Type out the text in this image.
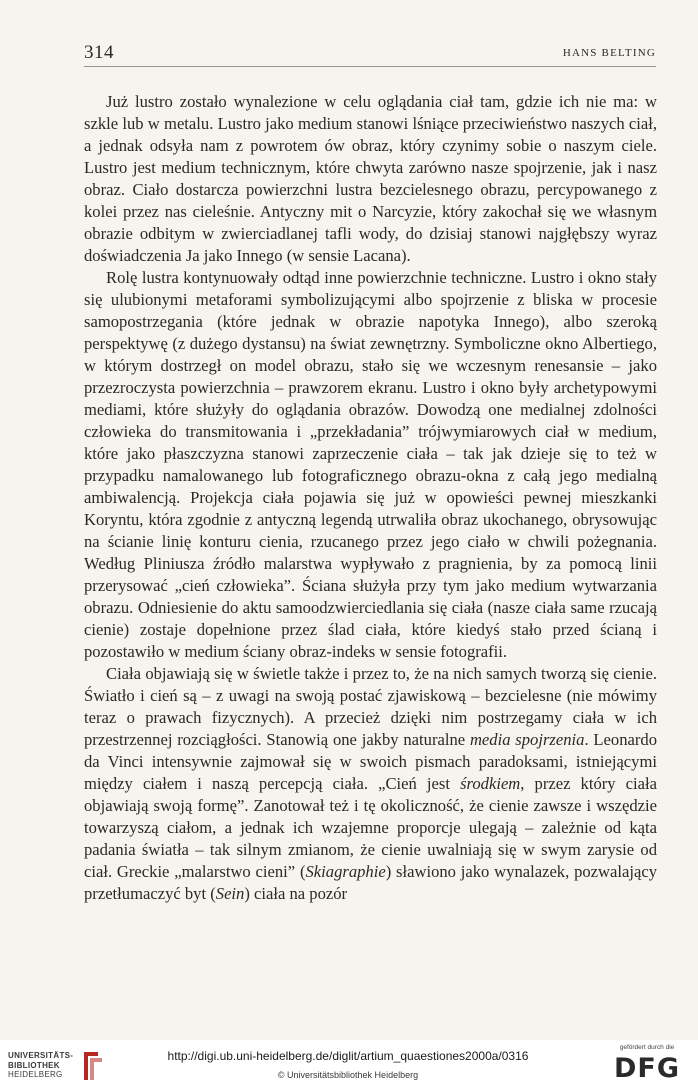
314	HANS BELTING

Już lustro zostało wynalezione w celu oglądania ciał tam, gdzie ich nie ma: w szkle lub w metalu. Lustro jako medium stanowi lśniące przeciwieństwo naszych ciał, a jednak odsyła nam z powrotem ów obraz, który czynimy sobie o naszym ciele. Lustro jest medium technicznym, które chwyta zarówno nasze spojrzenie, jak i nasz obraz. Ciało dostarcza powierzchni lustra bezcielesnego obrazu, percypowanego z kolei przez nas cieleśnie. Antyczny mit o Narcyzie, który zakochał się we własnym obrazie odbitym w zwierciadlanej tafli wody, do dzisiaj stanowi najgłębszy wyraz doświadczenia Ja jako Innego (w sensie Lacana).

Rolę lustra kontynuowały odtąd inne powierzchnie techniczne. Lustro i okno stały się ulubionymi metaforami symbolizującymi albo spojrzenie z bliska w procesie samopostrzegania (które jednak w obrazie napotyka Innego), albo szeroką perspektywę (z dużego dystansu) na świat zewnętrzny. Symboliczne okno Albertiego, w którym dostrzegł on model obrazu, stało się we wczesnym renesansie – jako przezroczysta powierzchnia – prawzorem ekranu. Lustro i okno były archetypowymi mediami, które służyły do oglądania obrazów. Dowodzą one medialnej zdolności człowieka do transmitowania i „przekładania” trójwymiarowych ciał w medium, które jako płaszczyzna stanowi zaprzeczenie ciała – tak jak dzieje się to też w przypadku namalowanego lub fotograficznego obrazu-okna z całą jego medialną ambiwalencją. Projekcja ciała pojawia się już w opowieści pewnej mieszkanki Koryntu, która zgodnie z antyczną legendą utrwaliła obraz ukochanego, obrysowując na ścianie linię konturu cienia, rzucanego przez jego ciało w chwili pożegnania. Według Pliniusza źródło malarstwa wypływało z pragnienia, by za pomocą linii przerysować „cień człowieka”. Ściana służyła przy tym jako medium wytwarzania obrazu. Odniesienie do aktu samoodzwierciedlania się ciała (nasze ciała same rzucają cienie) zostaje dopełnione przez ślad ciała, które kiedyś stało przed ścianą i pozostawiło w medium ściany obraz-indeks w sensie fotografii.

Ciała objawiają się w świetle także i przez to, że na nich samych tworzą się cienie. Światło i cień są – z uwagi na swoją postać zjawiskową – bezcielesne (nie mówimy teraz o prawach fizycznych). A przecież dzięki nim postrzegamy ciała w ich przestrzennej rozciągłości. Stanowią one jakby naturalne media spojrzenia. Leonardo da Vinci intensywnie zajmował się w swoich pismach paradoksami, istniejącymi między ciałem i naszą percepcją ciała. „Cień jest środkiem, przez który ciała objawiają swoją formę”. Zanotował też i tę okoliczność, że cienie zawsze i wszędzie towarzyszą ciałom, a jednak ich wzajemne proporcje ulegają – zależnie od kąta padania światła – tak silnym zmianom, że cienie uwalniają się w swym zarysie od ciał. Greckie „malarstwo cieni” (Skiagraphie) sławiono jako wynalazek, pozwalający przetłumaczyć byt (Sein) ciała na pozór

UNIVERSITÄTS-
BIBLIOTHEK
HEIDELBERG
http://digi.ub.uni-heidelberg.de/diglit/artium_quaestiones2000a/0316
© Universitätsbibliothek Heidelberg
gefördert durch die
DFG
